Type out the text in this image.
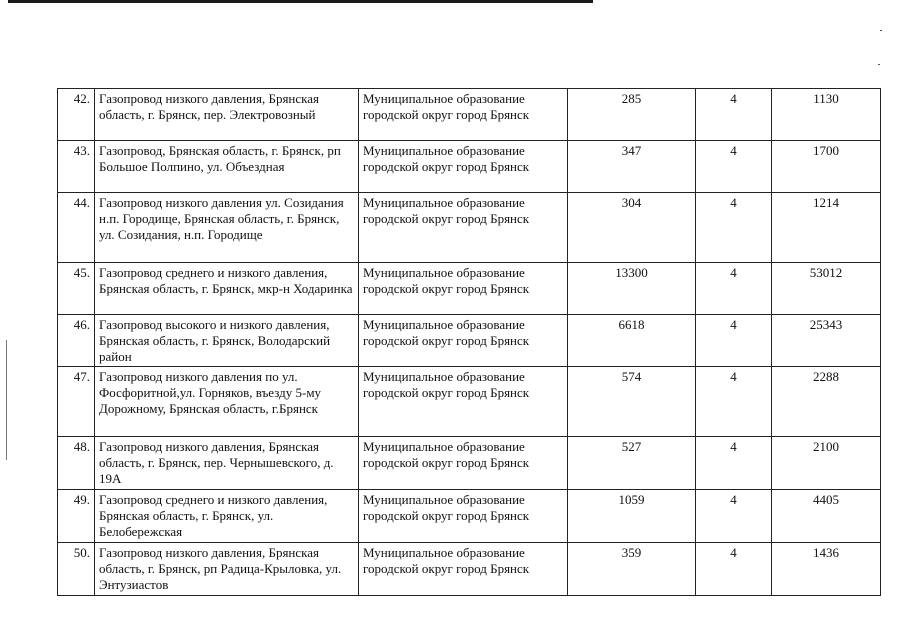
42.	Газопровод низкого давления, Брянская область, г. Брянск, пер. Электровозный	Муниципальное образование городской округ город Брянск	285	4	1130
43.	Газопровод, Брянская область, г. Брянск, рп Большое Полпино, ул. Объездная	Муниципальное образование городской округ город Брянск	347	4	1700
44.	Газопровод низкого давления ул. Созидания н.п. Городище, Брянская область, г. Брянск, ул. Созидания, н.п. Городище	Муниципальное образование городской округ город Брянск	304	4	1214
45.	Газопровод среднего и низкого давления, Брянская область, г. Брянск, мкр-н Ходаринка	Муниципальное образование городской округ город Брянск	13300	4	53012
46.	Газопровод высокого и низкого давления, Брянская область, г. Брянск, Володарский район	Муниципальное образование городской округ город Брянск	6618	4	25343
47.	Газопровод низкого давления по ул. Фосфоритной,ул. Горняков, въезду 5-му Дорожному, Брянская область, г.Брянск	Муниципальное образование городской округ город Брянск	574	4	2288
48.	Газопровод низкого давления, Брянская область, г. Брянск, пер. Чернышевского, д. 19А	Муниципальное образование городской округ город Брянск	527	4	2100
49.	Газопровод среднего и низкого давления, Брянская область, г. Брянск, ул. Белобережская	Муниципальное образование городской округ город Брянск	1059	4	4405
50.	Газопровод низкого давления, Брянская область, г. Брянск, рп Радица-Крыловка, ул. Энтузиастов	Муниципальное образование городской округ город Брянск	359	4	1436
